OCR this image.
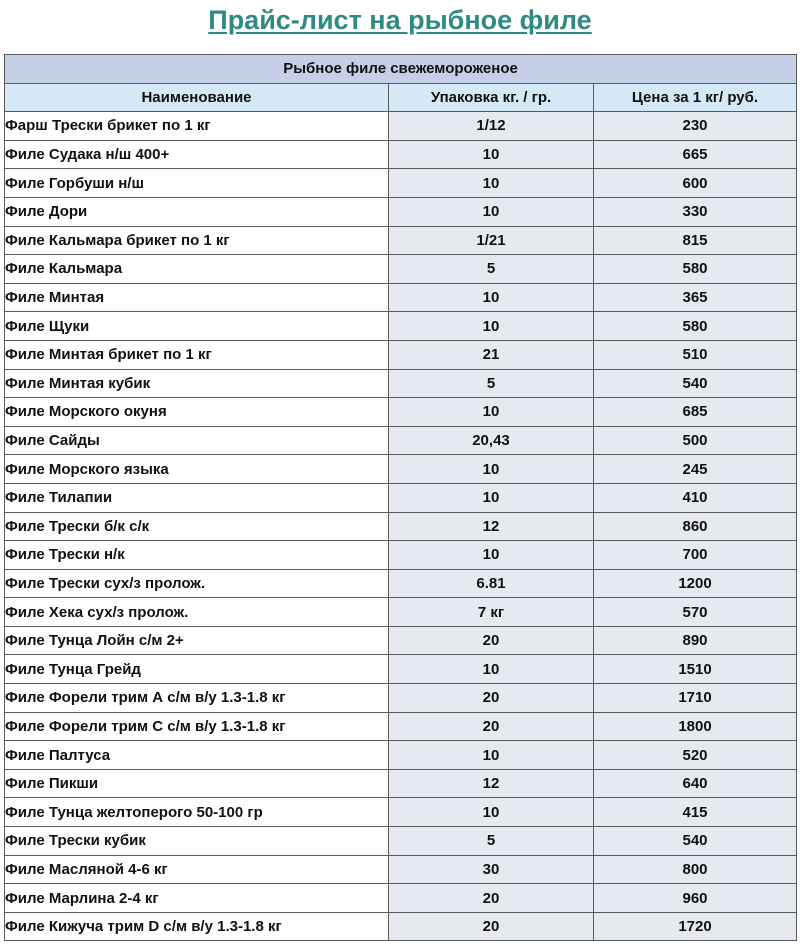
Прайс-лист на рыбное филе
Рыбное филе свежемороженое		
Наименование	Упаковка кг. / гр.	Цена за 1 кг/ руб.
Фарш Трески брикет по 1 кг	1/12	230
Филе Судака н/ш 400+	10	665
Филе Горбуши н/ш	10	600
Филе Дори	10	330
Филе Кальмара брикет по 1 кг	1/21	815
Филе Кальмара	5	580
Филе Минтая	10	365
Филе Щуки	10	580
Филе Минтая брикет по 1 кг	21	510
Филе Минтая кубик	5	540
Филе Морского окуня	10	685
Филе Сайды	20,43	500
Филе Морского языка	10	245
Филе Тилапии	10	410
Филе Трески б/к с/к	12	860
Филе Трески н/к	10	700
Филе Трески сух/з пролож.	6.81	1200
Филе Хека сух/з пролож.	7 кг	570
Филе Тунца Лойн с/м 2+	20	890
Филе Тунца Грейд	10	1510
Филе Форели трим А с/м в/у 1.3-1.8 кг	20	1710
Филе Форели трим С с/м в/у 1.3-1.8 кг	20	1800
Филе Палтуса	10	520
Филе Пикши	12	640
Филе Тунца желтоперого 50-100 гр	10	415
Филе Трески кубик	5	540
Филе Масляной 4-6 кг	30	800
Филе Марлина 2-4 кг	20	960
Филе Кижуча трим D с/м в/у 1.3-1.8 кг	20	1720
